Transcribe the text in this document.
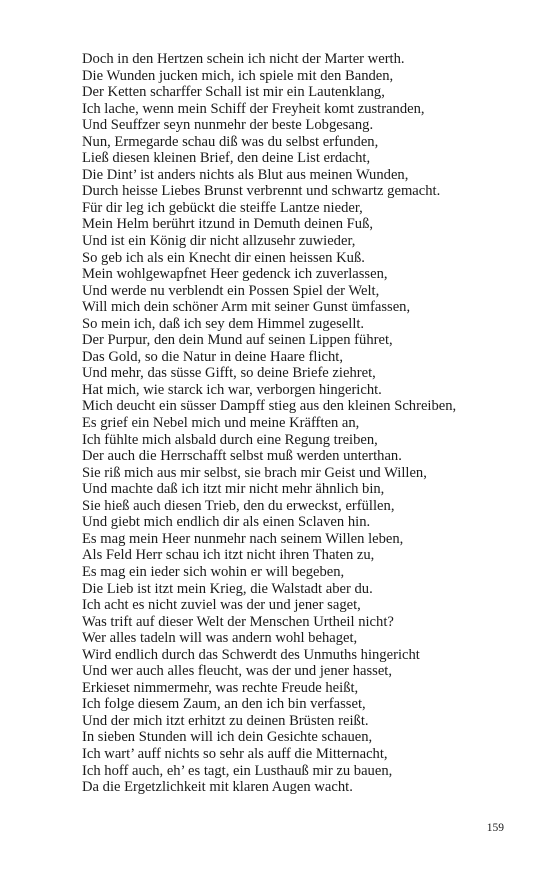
Doch in den Hertzen schein ich nicht der Marter werth.
Die Wunden jucken mich, ich spiele mit den Banden,
Der Ketten scharffer Schall ist mir ein Lautenklang,
Ich lache, wenn mein Schiff der Freyheit komt zustranden,
Und Seuffzer seyn nunmehr der beste Lobgesang.
Nun, Ermegarde schau diß was du selbst erfunden,
Ließ diesen kleinen Brief, den deine List erdacht,
Die Dint’ ist anders nichts als Blut aus meinen Wunden,
Durch heisse Liebes Brunst verbrennt und schwartz gemacht.
Für dir leg ich gebückt die steiffe Lantze nieder,
Mein Helm berührt itzund in Demuth deinen Fuß,
Und ist ein König dir nicht allzusehr zuwieder,
So geb ich als ein Knecht dir einen heissen Kuß.
Mein wohlgewapfnet Heer gedenck ich zuverlassen,
Und werde nu verblendt ein Possen Spiel der Welt,
Will mich dein schöner Arm mit seiner Gunst ümfassen,
So mein ich, daß ich sey dem Himmel zugesellt.
Der Purpur, den dein Mund auf seinen Lippen führet,
Das Gold, so die Natur in deine Haare flicht,
Und mehr, das süsse Gifft, so deine Briefe ziehret,
Hat mich, wie starck ich war, verborgen hingericht.
Mich deucht ein süsser Dampff stieg aus den kleinen Schreiben,
Es grief ein Nebel mich und meine Kräfften an,
Ich fühlte mich alsbald durch eine Regung treiben,
Der auch die Herrschafft selbst muß werden unterthan.
Sie riß mich aus mir selbst, sie brach mir Geist und Willen,
Und machte daß ich itzt mir nicht mehr ähnlich bin,
Sie hieß auch diesen Trieb, den du erweckst, erfüllen,
Und giebt mich endlich dir als einen Sclaven hin.
Es mag mein Heer nunmehr nach seinem Willen leben,
Als Feld Herr schau ich itzt nicht ihren Thaten zu,
Es mag ein ieder sich wohin er will begeben,
Die Lieb ist itzt mein Krieg, die Walstadt aber du.
Ich acht es nicht zuviel was der und jener saget,
Was trift auf dieser Welt der Menschen Urtheil nicht?
Wer alles tadeln will was andern wohl behaget,
Wird endlich durch das Schwerdt des Unmuths hingericht
Und wer auch alles fleucht, was der und jener hasset,
Erkieset nimmermehr, was rechte Freude heißt,
Ich folge diesem Zaum, an den ich bin verfasset,
Und der mich itzt erhitzt zu deinen Brüsten reißt.
In sieben Stunden will ich dein Gesichte schauen,
Ich wart’ auff nichts so sehr als auff die Mitternacht,
Ich hoff auch, eh’ es tagt, ein Lusthauß mir zu bauen,
Da die Ergetzlichkeit mit klaren Augen wacht.
159
